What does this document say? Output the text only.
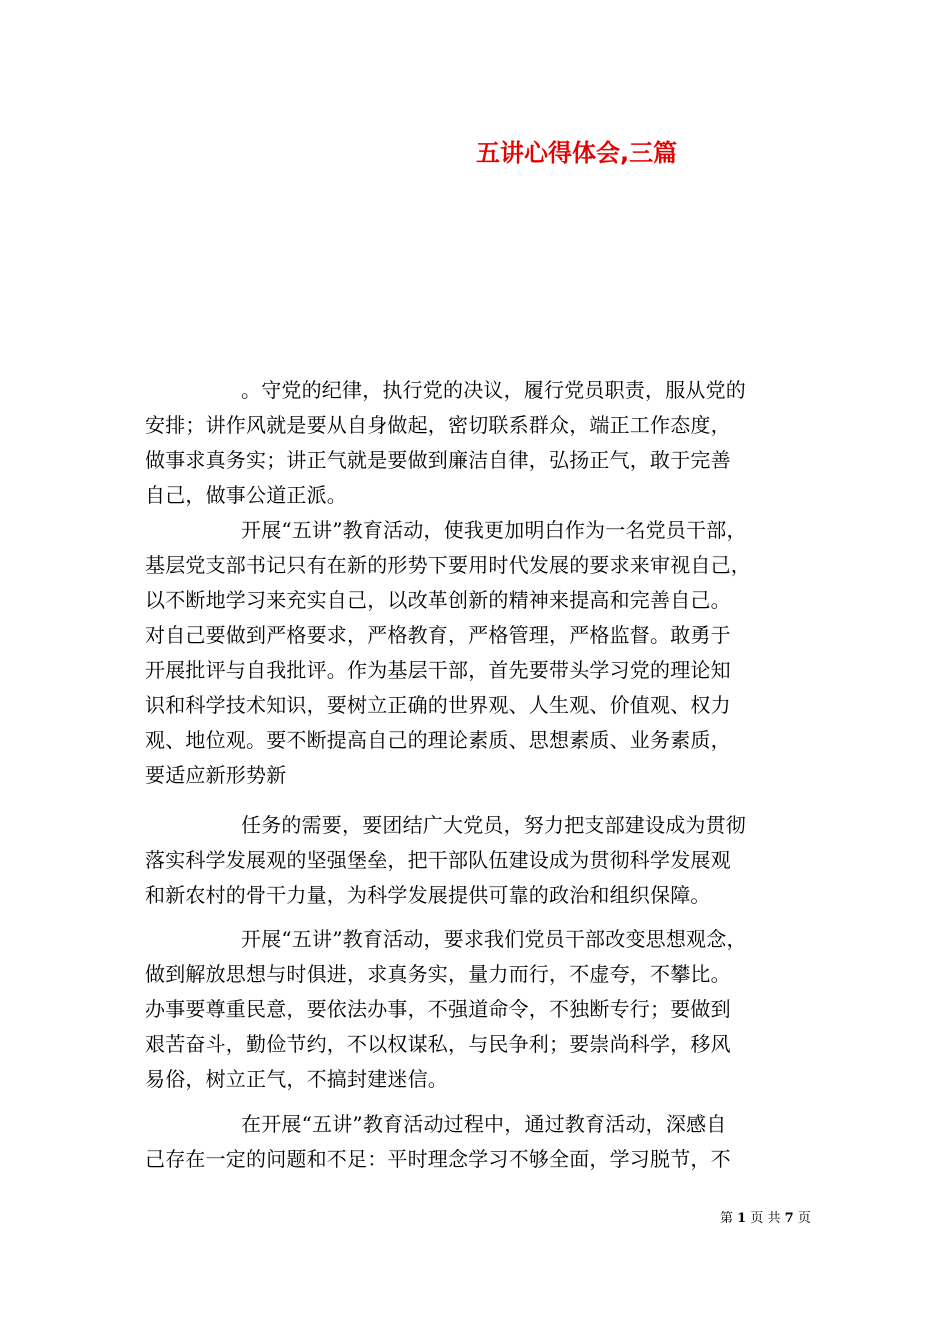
五讲心得体会,三篇
。守党的纪律，执行党的决议，履行党员职责，服从党的
安排；讲作风就是要从自身做起，密切联系群众，端正工作态度，
做事求真务实；讲正气就是要做到廉洁自律，弘扬正气，敢于完善
自己，做事公道正派。
开展“五讲”教育活动，使我更加明白作为一名党员干部，
基层党支部书记只有在新的形势下要用时代发展的要求来审视自己，
以不断地学习来充实自己，以改革创新的精神来提高和完善自己。
对自己要做到严格要求，严格教育，严格管理，严格监督。敢勇于
开展批评与自我批评。作为基层干部，首先要带头学习党的理论知
识和科学技术知识，要树立正确的世界观、人生观、价值观、权力
观、地位观。要不断提高自己的理论素质、思想素质、业务素质，
要适应新形势新
任务的需要，要团结广大党员，努力把支部建设成为贯彻
落实科学发展观的坚强堡垒，把干部队伍建设成为贯彻科学发展观
和新农村的骨干力量，为科学发展提供可靠的政治和组织保障。
开展“五讲”教育活动，要求我们党员干部改变思想观念，
做到解放思想与时俱进，求真务实，量力而行，不虚夸，不攀比。
办事要尊重民意，要依法办事，不强道命令，不独断专行；要做到
艰苦奋斗，勤俭节约，不以权谋私，与民争利；要崇尚科学，移风
易俗，树立正气，不搞封建迷信。
在开展“五讲”教育活动过程中，通过教育活动，深感自
己存在一定的问题和不足：平时理念学习不够全面，学习脱节，不
第 1 页 共 7 页
